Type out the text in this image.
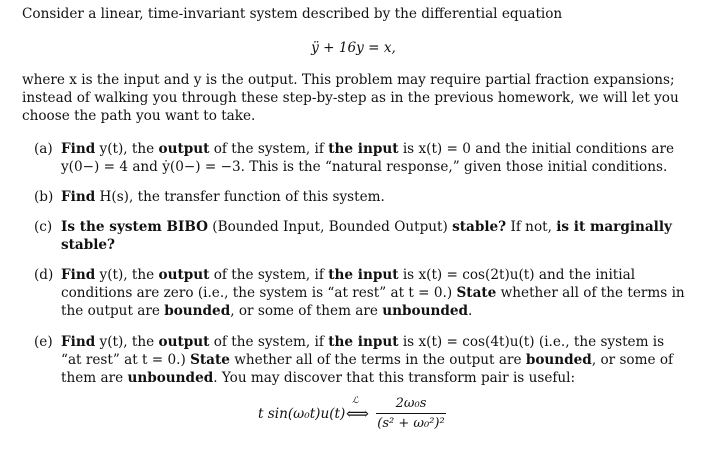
Consider a linear, time-invariant system described by the differential equation
ÿ + 16y = x,
where x is the input and y is the output. This problem may require partial fraction expansions;
instead of walking you through these step-by-step as in the previous homework, we will let you
choose the path you want to take.
(a) Find y(t), the output of the system, if the input is x(t) = 0 and the initial conditions are
y(0−) = 4 and ẏ(0−) = −3. This is the “natural response,” given those initial conditions.
(b) Find H(s), the transfer function of this system.
(c) Is the system BIBO (Bounded Input, Bounded Output) stable? If not, is it marginally
stable?
(d) Find y(t), the output of the system, if the input is x(t) = cos(2t)u(t) and the initial
conditions are zero (i.e., the system is “at rest” at t = 0.) State whether all of the terms in
the output are bounded, or some of them are unbounded.
(e) Find y(t), the output of the system, if the input is x(t) = cos(4t)u(t) (i.e., the system is
“at rest” at t = 0.) State whether all of the terms in the output are bounded, or some of
them are unbounded. You may discover that this transform pair is useful:
t sin(ω₀t)u(t)
ℒ
⟺
2ω₀s
(s² + ω₀²)²
